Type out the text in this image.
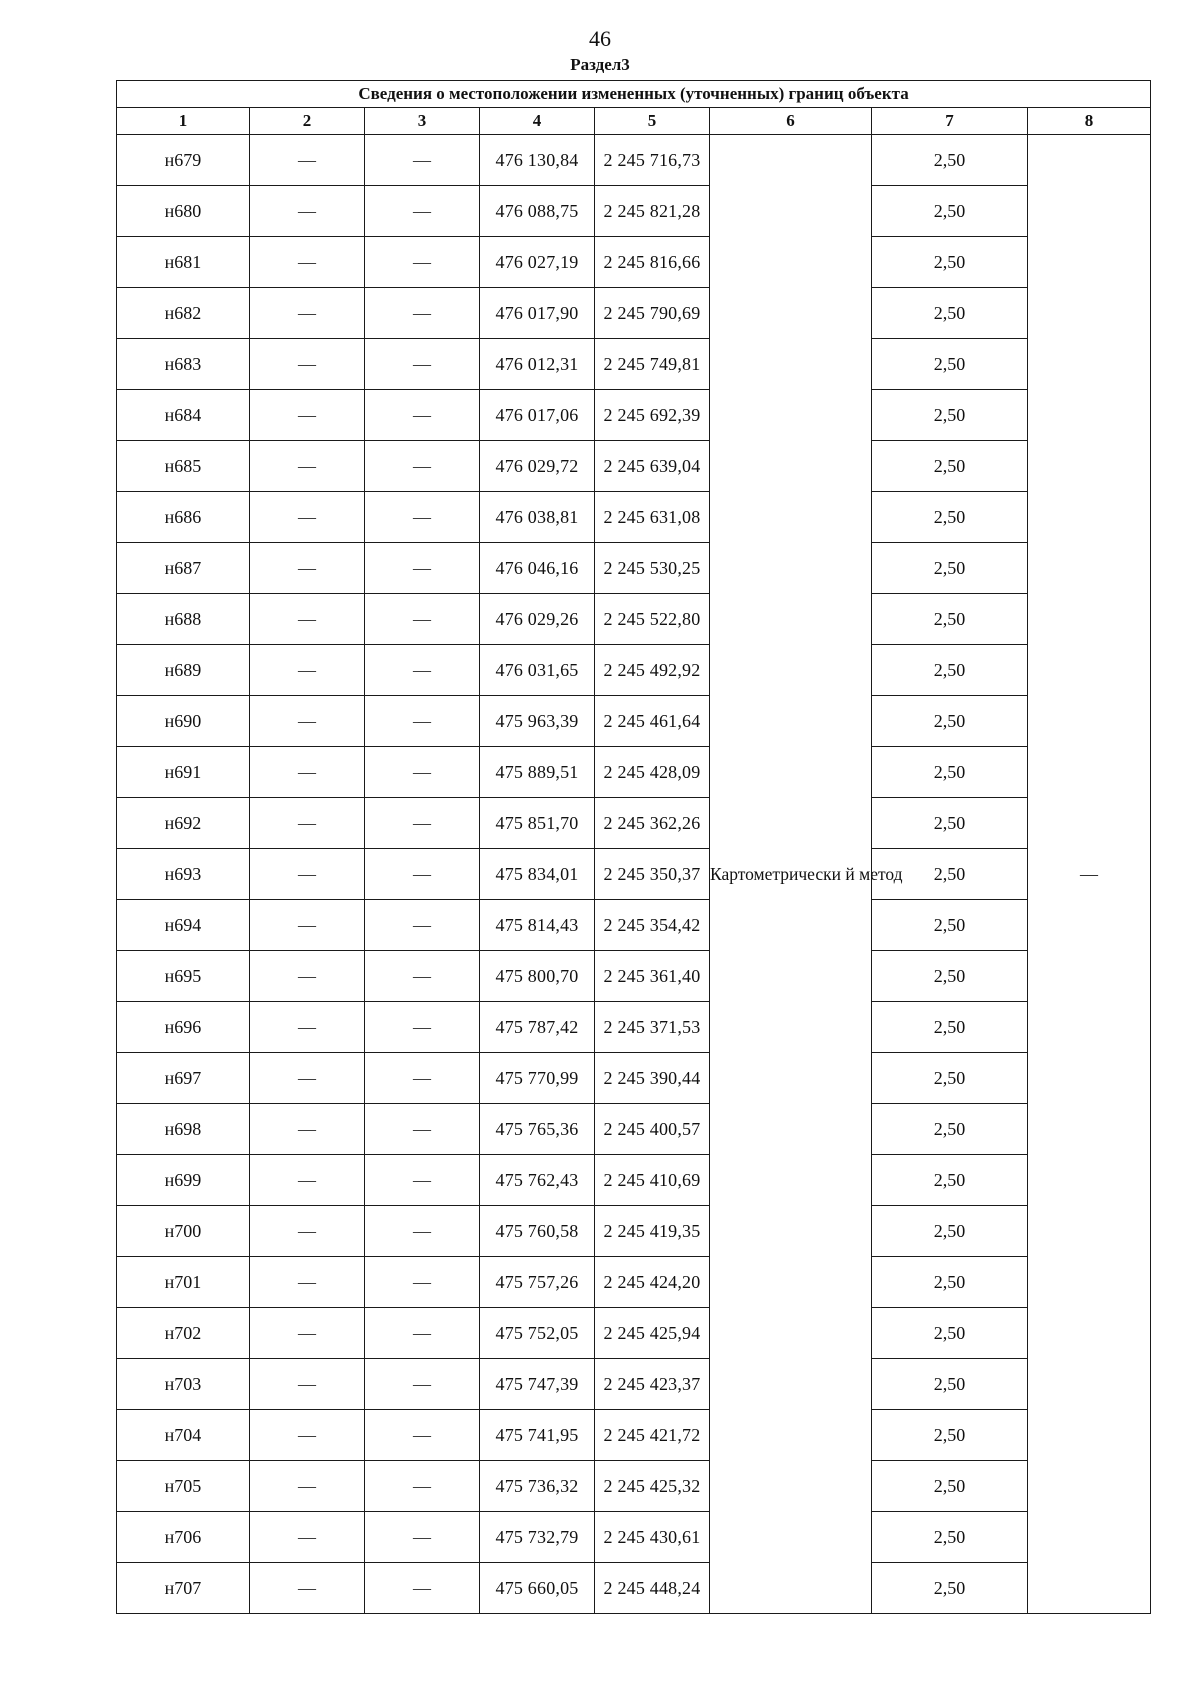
46
Раздел3
Сведения о местоположении измененных (уточненных) границ объекта							
1	2	3	4	5	6	7	8
н679	—	—	476 130,84	2 245 716,73	Картометрически й метод	2,50	—
н680	—	—	476 088,75	2 245 821,28		2,50	
н681	—	—	476 027,19	2 245 816,66		2,50	
н682	—	—	476 017,90	2 245 790,69		2,50	
н683	—	—	476 012,31	2 245 749,81		2,50	
н684	—	—	476 017,06	2 245 692,39		2,50	
н685	—	—	476 029,72	2 245 639,04		2,50	
н686	—	—	476 038,81	2 245 631,08		2,50	
н687	—	—	476 046,16	2 245 530,25		2,50	
н688	—	—	476 029,26	2 245 522,80		2,50	
н689	—	—	476 031,65	2 245 492,92		2,50	
н690	—	—	475 963,39	2 245 461,64		2,50	
н691	—	—	475 889,51	2 245 428,09		2,50	
н692	—	—	475 851,70	2 245 362,26		2,50	
н693	—	—	475 834,01	2 245 350,37		2,50	
н694	—	—	475 814,43	2 245 354,42		2,50	
н695	—	—	475 800,70	2 245 361,40		2,50	
н696	—	—	475 787,42	2 245 371,53		2,50	
н697	—	—	475 770,99	2 245 390,44		2,50	
н698	—	—	475 765,36	2 245 400,57		2,50	
н699	—	—	475 762,43	2 245 410,69		2,50	
н700	—	—	475 760,58	2 245 419,35		2,50	
н701	—	—	475 757,26	2 245 424,20		2,50	
н702	—	—	475 752,05	2 245 425,94		2,50	
н703	—	—	475 747,39	2 245 423,37		2,50	
н704	—	—	475 741,95	2 245 421,72		2,50	
н705	—	—	475 736,32	2 245 425,32		2,50	
н706	—	—	475 732,79	2 245 430,61		2,50	
н707	—	—	475 660,05	2 245 448,24		2,50	
